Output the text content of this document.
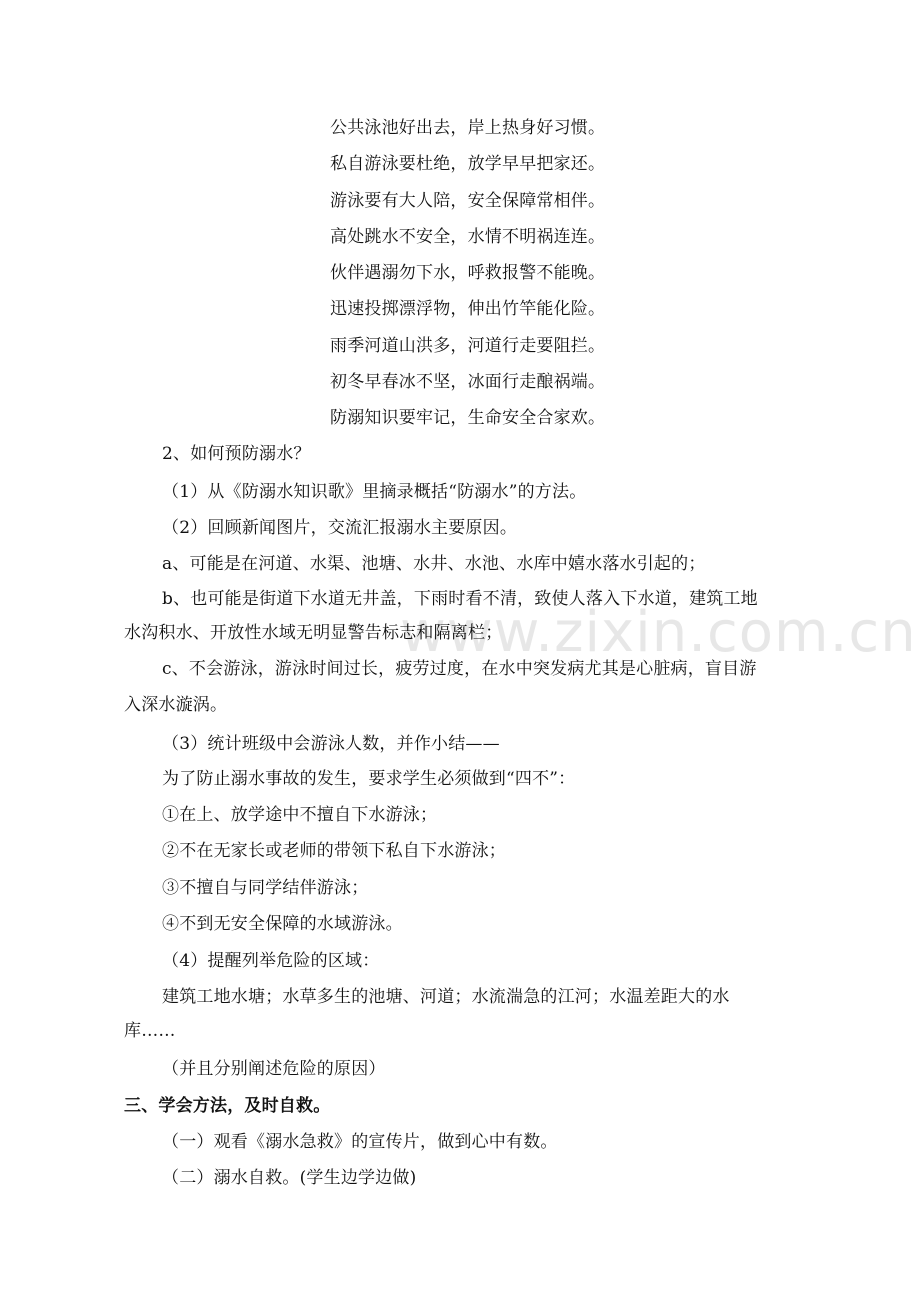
www.zixin.com.cn
公共泳池好出去，岸上热身好习惯。
私自游泳要杜绝，放学早早把家还。
游泳要有大人陪，安全保障常相伴。
高处跳水不安全，水情不明祸连连。
伙伴遇溺勿下水，呼救报警不能晚。
迅速投掷漂浮物，伸出竹竿能化险。
雨季河道山洪多，河道行走要阻拦。
初冬早春冰不坚，冰面行走酿祸端。
防溺知识要牢记，生命安全合家欢。
2、如何预防溺水？
（1）从《防溺水知识歌》里摘录概括“防溺水”的方法。
（2）回顾新闻图片，交流汇报溺水主要原因。
a、可能是在河道、水渠、池塘、水井、水池、水库中嬉水落水引起的；
b、也可能是街道下水道无井盖，下雨时看不清，致使人落入下水道，建筑工地
水沟积水、开放性水域无明显警告标志和隔离栏；
c、不会游泳，游泳时间过长，疲劳过度，在水中突发病尤其是心脏病，盲目游
入深水漩涡。
（3）统计班级中会游泳人数，并作小结——
为了防止溺水事故的发生，要求学生必须做到“四不”：
①在上、放学途中不擅自下水游泳；
②不在无家长或老师的带领下私自下水游泳；
③不擅自与同学结伴游泳；
④不到无安全保障的水域游泳。
（4）提醒列举危险的区域：
建筑工地水塘；水草多生的池塘、河道；水流湍急的江河；水温差距大的水
库……
（并且分别阐述危险的原因）
三、学会方法，及时自救。
（一）观看《溺水急救》的宣传片，做到心中有数。
（二）溺水自救。(学生边学边做)
